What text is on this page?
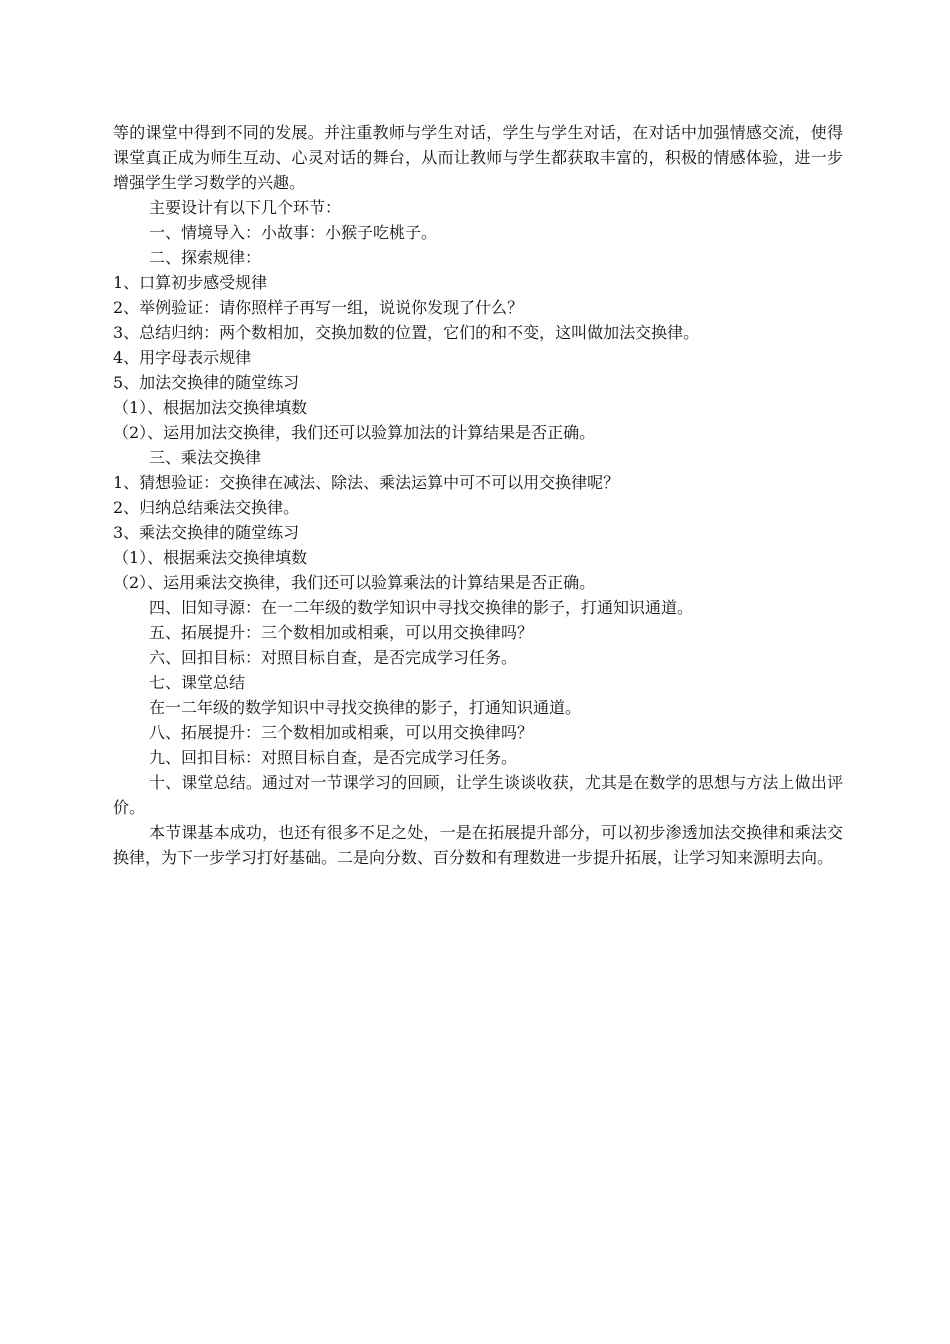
等的课堂中得到不同的发展。并注重教师与学生对话，学生与学生对话，在对话中加强情感交流，使得课堂真正成为师生互动、心灵对话的舞台，从而让教师与学生都获取丰富的，积极的情感体验，进一步增强学生学习数学的兴趣。

主要设计有以下几个环节：

一、情境导入：小故事：小猴子吃桃子。

二、探索规律：

1、口算初步感受规律

2、举例验证：请你照样子再写一组，说说你发现了什么？

3、总结归纳：两个数相加，交换加数的位置，它们的和不变，这叫做加法交换律。

4、用字母表示规律

5、加法交换律的随堂练习

（1）、根据加法交换律填数

（2）、运用加法交换律，我们还可以验算加法的计算结果是否正确。

三、乘法交换律

1、猜想验证：交换律在减法、除法、乘法运算中可不可以用交换律呢？

2、归纳总结乘法交换律。

3、乘法交换律的随堂练习

（1）、根据乘法交换律填数

（2）、运用乘法交换律，我们还可以验算乘法的计算结果是否正确。

四、旧知寻源：在一二年级的数学知识中寻找交换律的影子，打通知识通道。

五、拓展提升：三个数相加或相乘，可以用交换律吗？

六、回扣目标：对照目标自查，是否完成学习任务。

七、课堂总结

在一二年级的数学知识中寻找交换律的影子，打通知识通道。

八、拓展提升：三个数相加或相乘，可以用交换律吗？

九、回扣目标：对照目标自查，是否完成学习任务。

十、课堂总结。通过对一节课学习的回顾，让学生谈谈收获，尤其是在数学的思想与方法上做出评价。

本节课基本成功，也还有很多不足之处，一是在拓展提升部分，可以初步渗透加法交换律和乘法交换律，为下一步学习打好基础。二是向分数、百分数和有理数进一步提升拓展，让学习知来源明去向。
